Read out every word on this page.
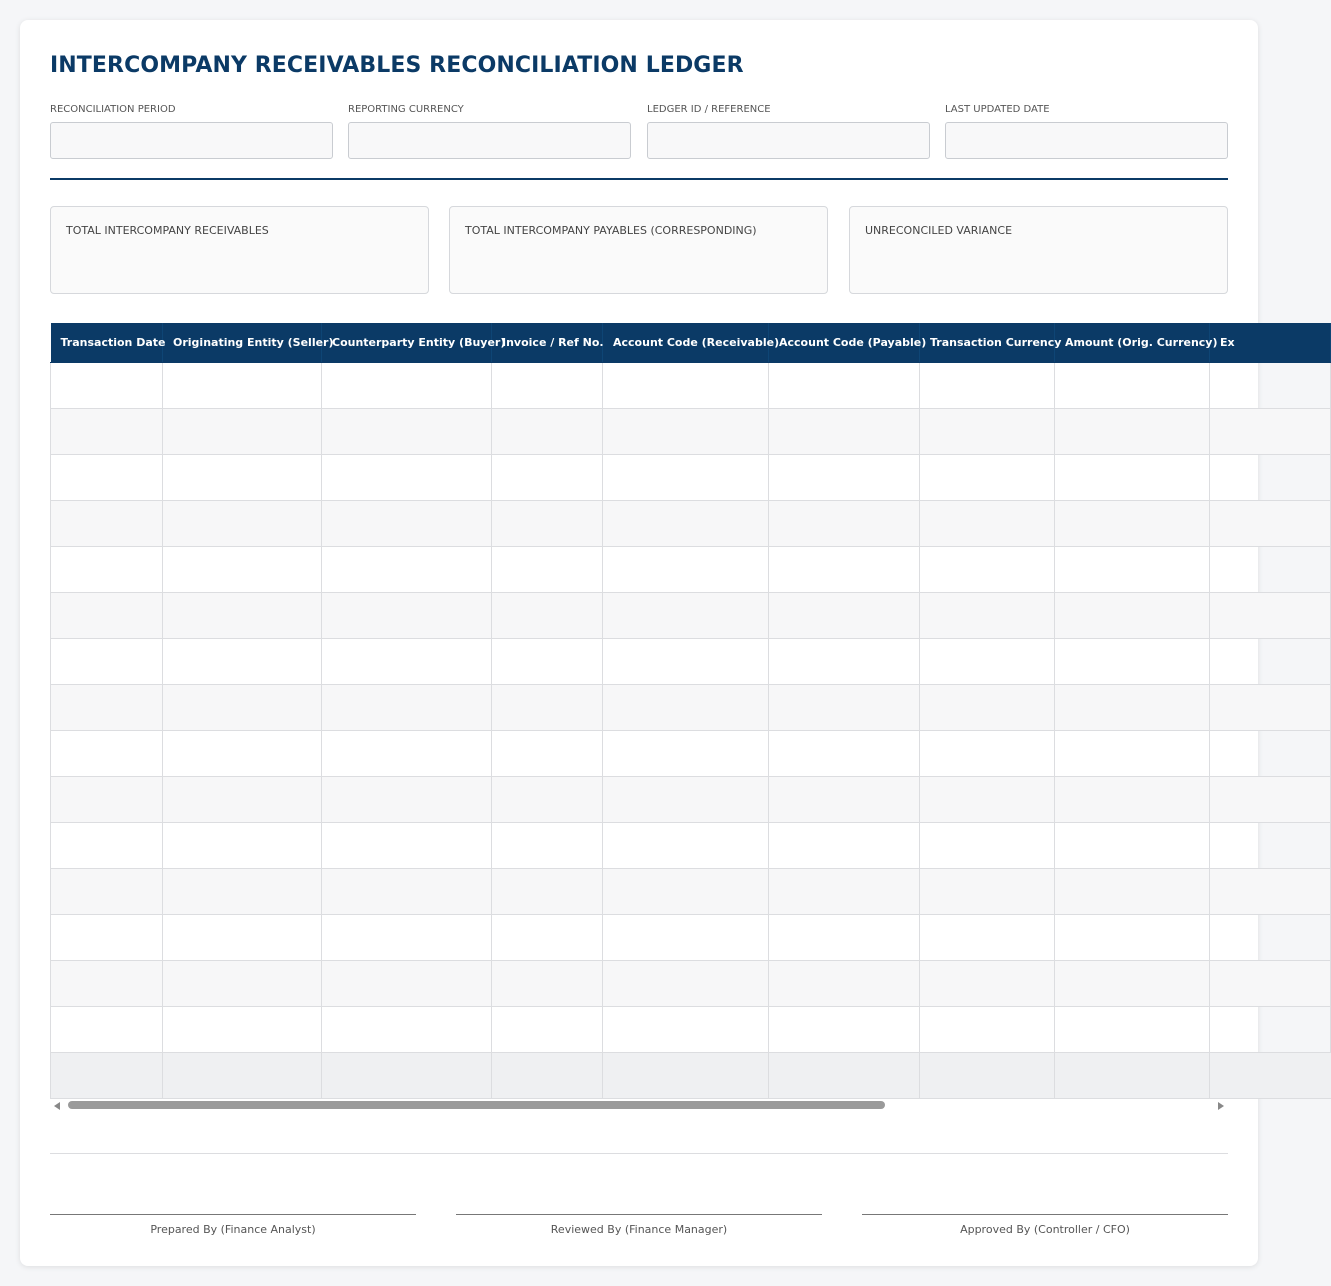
INTERCOMPANY RECEIVABLES RECONCILIATION LEDGER
RECONCILIATION PERIOD	REPORTING CURRENCY	LEDGER ID / REFERENCE	LAST UPDATED DATE
TOTAL INTERCOMPANY RECEIVABLES	TOTAL INTERCOMPANY PAYABLES (CORRESPONDING)	UNRECONCILED VARIANCE
Transaction Date	Originating Entity (Seller)	Counterparty Entity (Buyer)	Invoice / Ref No.	Account Code (Receivable)	Account Code (Payable)	Transaction Currency	Amount (Orig. Currency)	Ex

Prepared By (Finance Analyst)	Reviewed By (Finance Manager)	Approved By (Controller / CFO)
